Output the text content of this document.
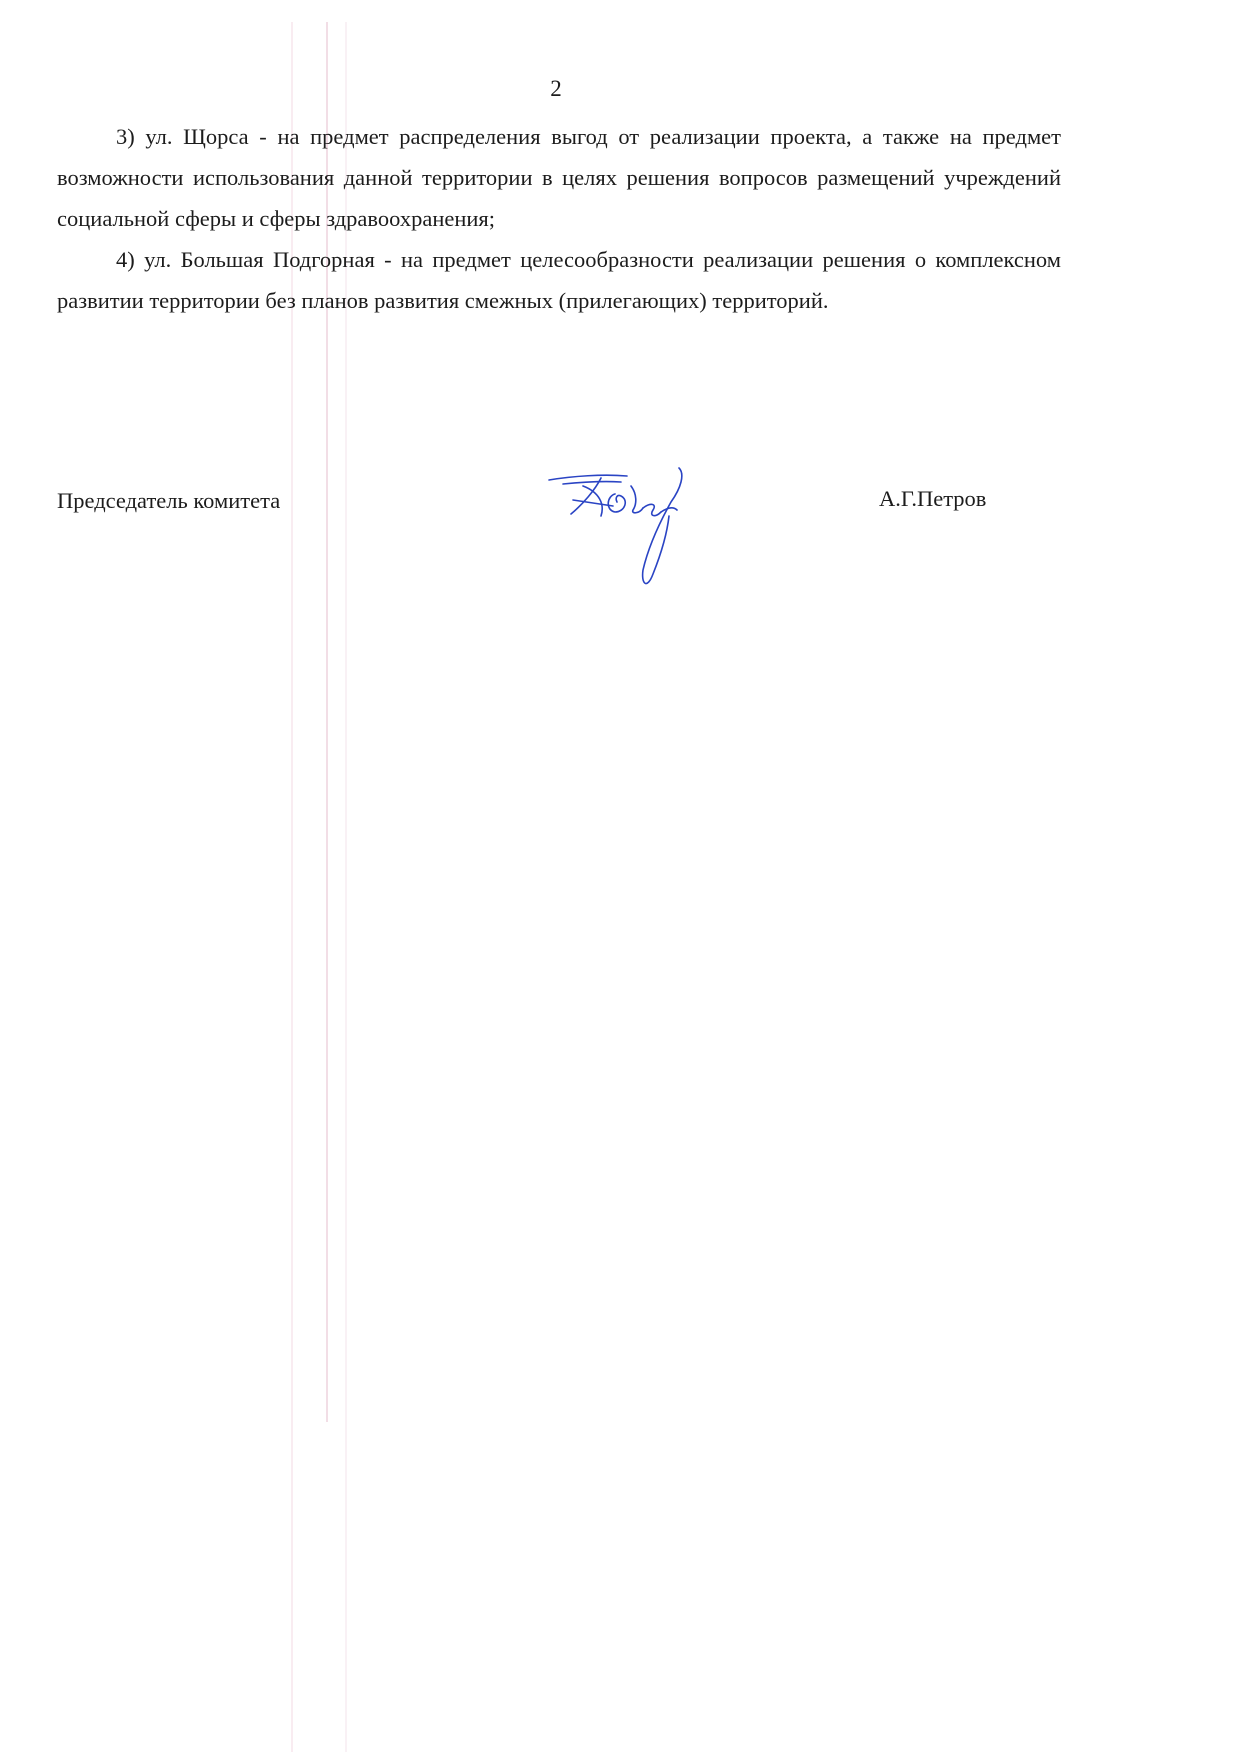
2

3) ул. Щорса - на предмет распределения выгод от реализации проекта, а также на предмет возможности использования данной территории в целях решения вопросов размещений учреждений социальной сферы и сферы здравоохранения;

4) ул. Большая Подгорная - на предмет целесообразности реализации решения о комплексном развитии территории без планов развития смежных (прилегающих) территорий.

Председатель комитета	А.Г.Петров
